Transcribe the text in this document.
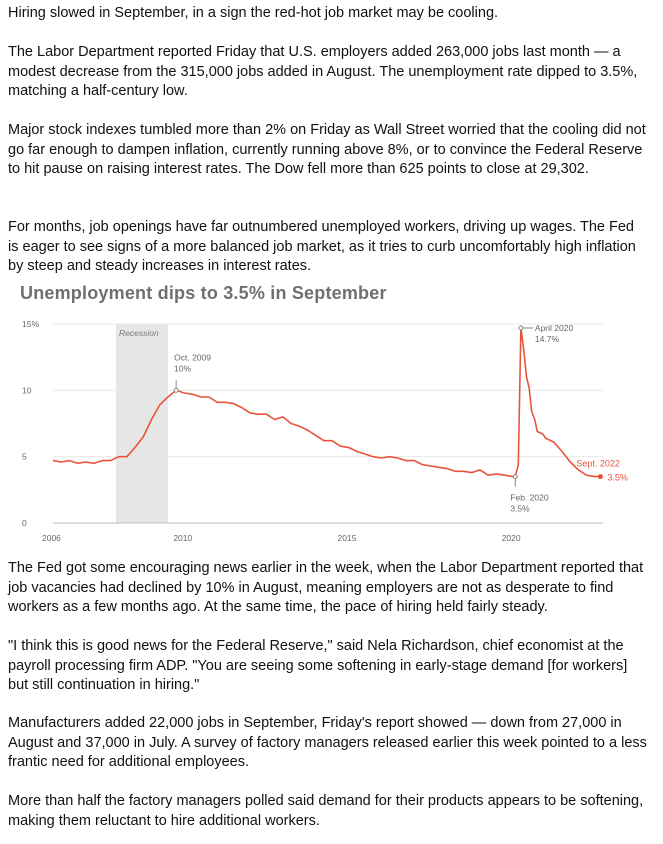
Hiring slowed in September, in a sign the red-hot job market may be cooling.

The Labor Department reported Friday that U.S. employers added 263,000 jobs last month — a modest decrease from the 315,000 jobs added in August. The unemployment rate dipped to 3.5%, matching a half-century low.

Major stock indexes tumbled more than 2% on Friday as Wall Street worried that the cooling did not go far enough to dampen inflation, currently running above 8%, or to convince the Federal Reserve to hit pause on raising interest rates. The Dow fell more than 625 points to close at 29,302.

For months, job openings have far outnumbered unemployed workers, driving up wages. The Fed is eager to see signs of a more balanced job market, as it tries to curb uncomfortably high inflation by steep and steady increases in interest rates.

Unemployment dips to 3.5% in September
Recession
0
5
10
15%
2006	2010	2015	2020
Oct. 2009
10%
April 2020
14.7%
Feb. 2020
3.5%
Sept. 2022
3.5%

The Fed got some encouraging news earlier in the week, when the Labor Department reported that job vacancies had declined by 10% in August, meaning employers are not as desperate to find workers as a few months ago. At the same time, the pace of hiring held fairly steady.

"I think this is good news for the Federal Reserve," said Nela Richardson, chief economist at the payroll processing firm ADP. "You are seeing some softening in early-stage demand [for workers] but still continuation in hiring."

Manufacturers added 22,000 jobs in September, Friday's report showed — down from 27,000 in August and 37,000 in July. A survey of factory managers released earlier this week pointed to a less frantic need for additional employees.

More than half the factory managers polled said demand for their products appears to be softening, making them reluctant to hire additional workers.
